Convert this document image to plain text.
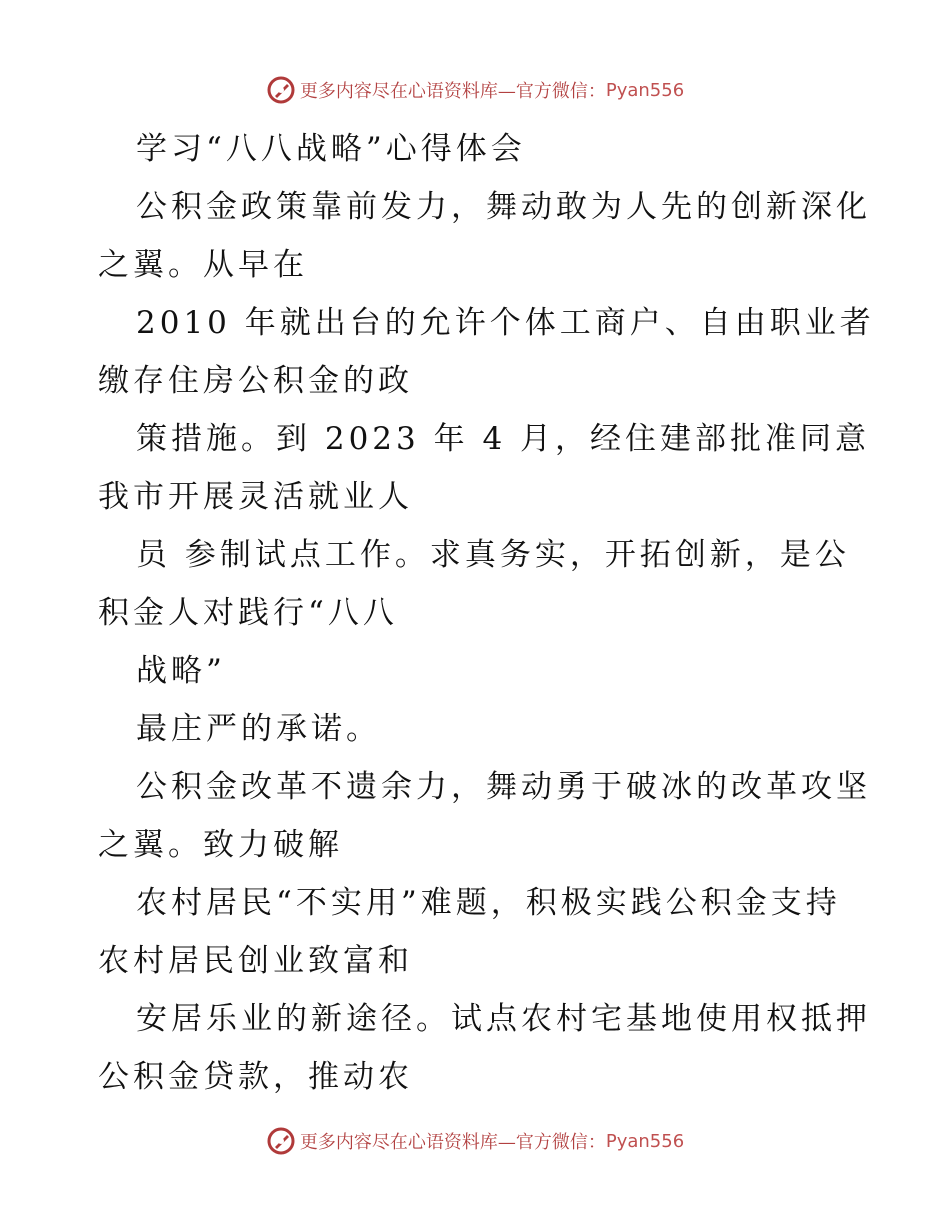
更多内容尽在心语资料库—官方微信： Pyan556
学习“八八战略”心得体会
公积金政策靠前发力，舞动敢为人先的创新深化
之翼。从早在
2010 年就出台的允许个体工商户、自由职业者
缴存住房公积金的政
策措施。到 2023 年 4 月，经住建部批准同意
我市开展灵活就业人
员 参制试点工作。求真务实，开拓创新，是公
积金人对践行“八八
战略”
最庄严的承诺。
公积金改革不遗余力，舞动勇于破冰的改革攻坚
之翼。致力破解
农村居民“不实用”难题，积极实践公积金支持
农村居民创业致富和
安居乐业的新途径。试点农村宅基地使用权抵押
公积金贷款，推动农
更多内容尽在心语资料库—官方微信： Pyan556
